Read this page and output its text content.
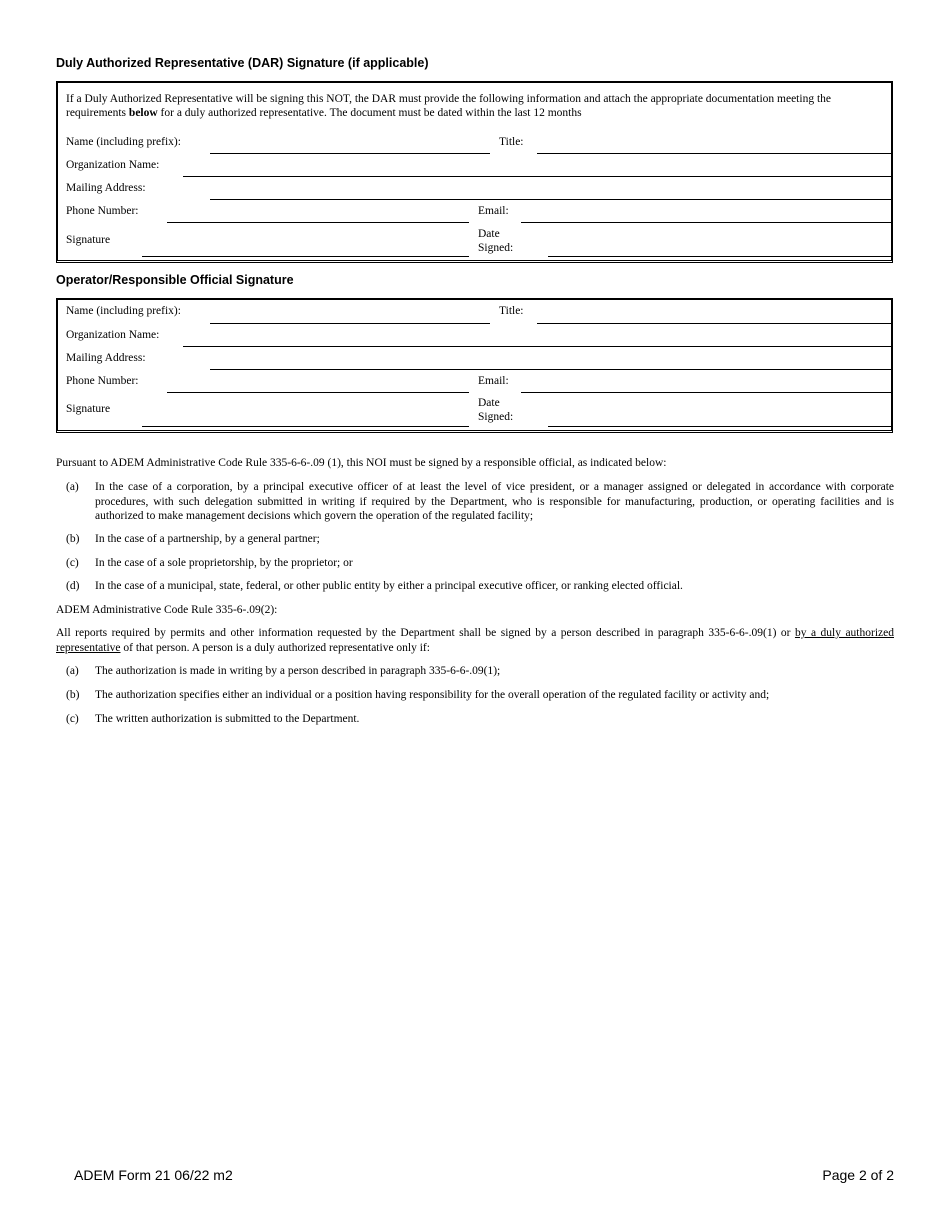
Duly Authorized Representative (DAR) Signature (if applicable)
If a Duly Authorized Representative will be signing this NOT, the DAR must provide the following information and attach the appropriate documentation meeting the requirements below for a duly authorized representative. The document must be dated within the last 12 months
Name (including prefix):	Title:
Organization Name:
Mailing Address:
Phone Number:	Email:
Signature	Date
Signed:
Operator/Responsible Official Signature
Name (including prefix):	Title:
Organization Name:
Mailing Address:
Phone Number:	Email:
Signature	Date
Signed:
Pursuant to ADEM Administrative Code Rule 335-6-6-.09 (1), this NOI must be signed by a responsible official, as indicated below:
(a) In the case of a corporation, by a principal executive officer of at least the level of vice president, or a manager assigned or delegated in accordance with corporate procedures, with such delegation submitted in writing if required by the Department, who is responsible for manufacturing, production, or operating facilities and is authorized to make management decisions which govern the operation of the regulated facility;
(b) In the case of a partnership, by a general partner;
(c) In the case of a sole proprietorship, by the proprietor; or
(d) In the case of a municipal, state, federal, or other public entity by either a principal executive officer, or ranking elected official.
ADEM Administrative Code Rule 335-6-.09(2):
All reports required by permits and other information requested by the Department shall be signed by a person described in paragraph 335-6-6-.09(1) or by a duly authorized representative of that person. A person is a duly authorized representative only if:
(a) The authorization is made in writing by a person described in paragraph 335-6-6-.09(1);
(b) The authorization specifies either an individual or a position having responsibility for the overall operation of the regulated facility or activity and;
(c) The written authorization is submitted to the Department.
ADEM Form 21 06/22 m2	Page 2 of 2
